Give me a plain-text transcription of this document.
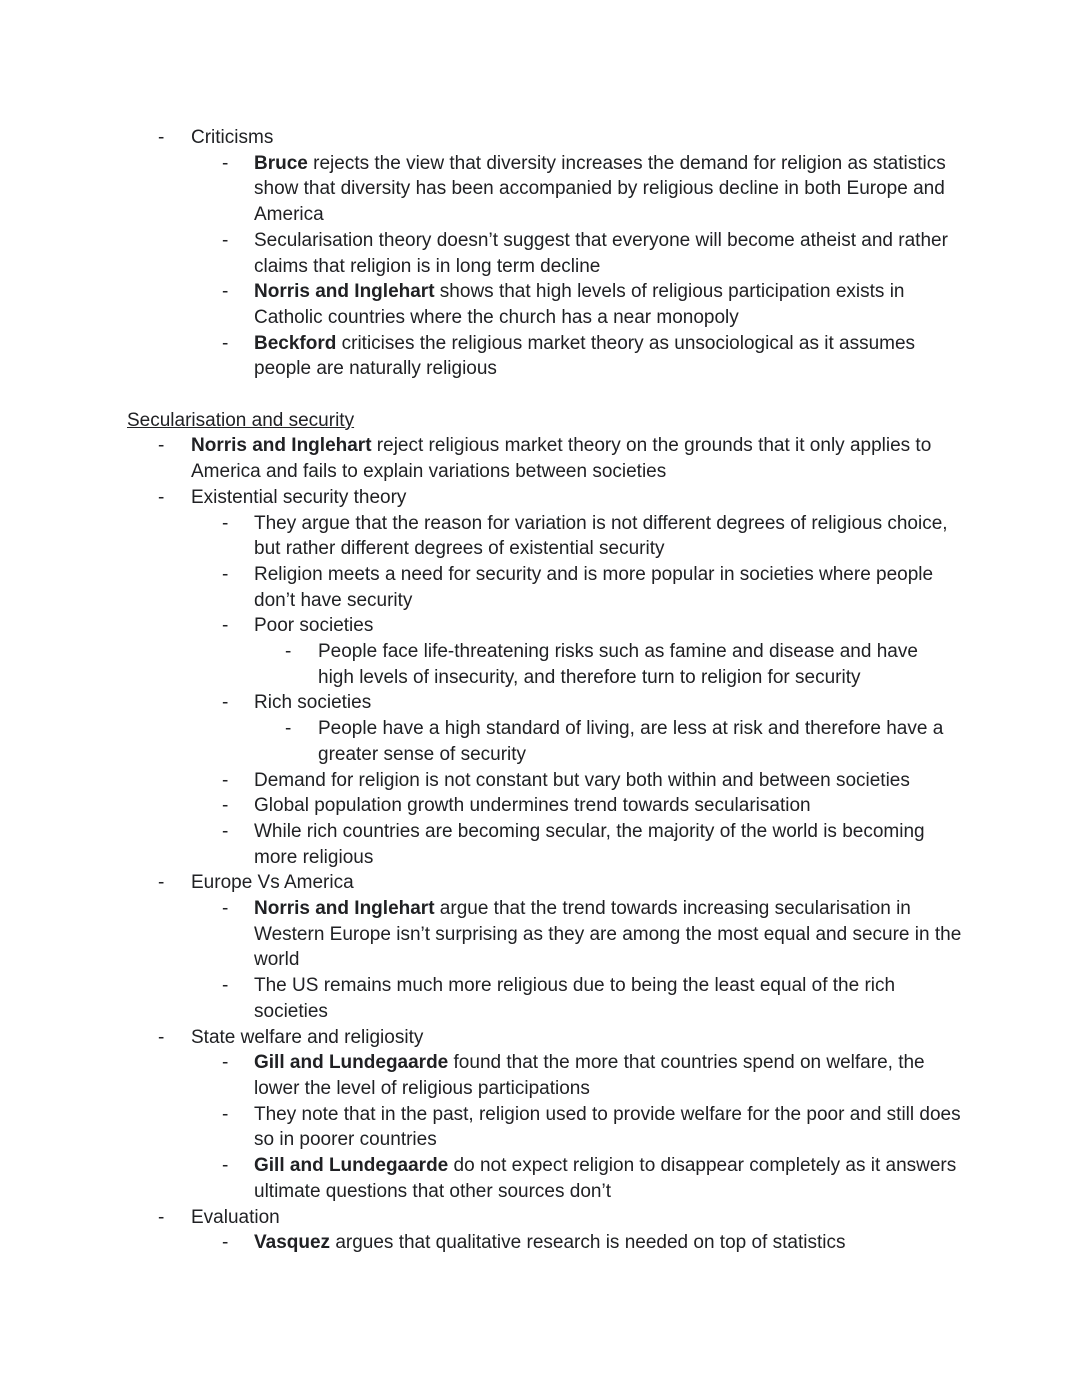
- Criticisms
- Bruce rejects the view that diversity increases the demand for religion as statistics show that diversity has been accompanied by religious decline in both Europe and America
- Secularisation theory doesn’t suggest that everyone will become atheist and rather claims that religion is in long term decline
- Norris and Inglehart shows that high levels of religious participation exists in Catholic countries where the church has a near monopoly
- Beckford criticises the religious market theory as unsociological as it assumes people are naturally religious
Secularisation and security
- Norris and Inglehart reject religious market theory on the grounds that it only applies to America and fails to explain variations between societies
- Existential security theory
- They argue that the reason for variation is not different degrees of religious choice, but rather different degrees of existential security
- Religion meets a need for security and is more popular in societies where people don’t have security
- Poor societies
- People face life-threatening risks such as famine and disease and have high levels of insecurity, and therefore turn to religion for security
- Rich societies
- People have a high standard of living, are less at risk and therefore have a greater sense of security
- Demand for religion is not constant but vary both within and between societies
- Global population growth undermines trend towards secularisation
- While rich countries are becoming secular, the majority of the world is becoming more religious
- Europe Vs America
- Norris and Inglehart argue that the trend towards increasing secularisation in Western Europe isn’t surprising as they are among the most equal and secure in the world
- The US remains much more religious due to being the least equal of the rich societies
- State welfare and religiosity
- Gill and Lundegaarde found that the more that countries spend on welfare, the lower the level of religious participations
- They note that in the past, religion used to provide welfare for the poor and still does so in poorer countries
- Gill and Lundegaarde do not expect religion to disappear completely as it answers ultimate questions that other sources don’t
- Evaluation
- Vasquez argues that qualitative research is needed on top of statistics
